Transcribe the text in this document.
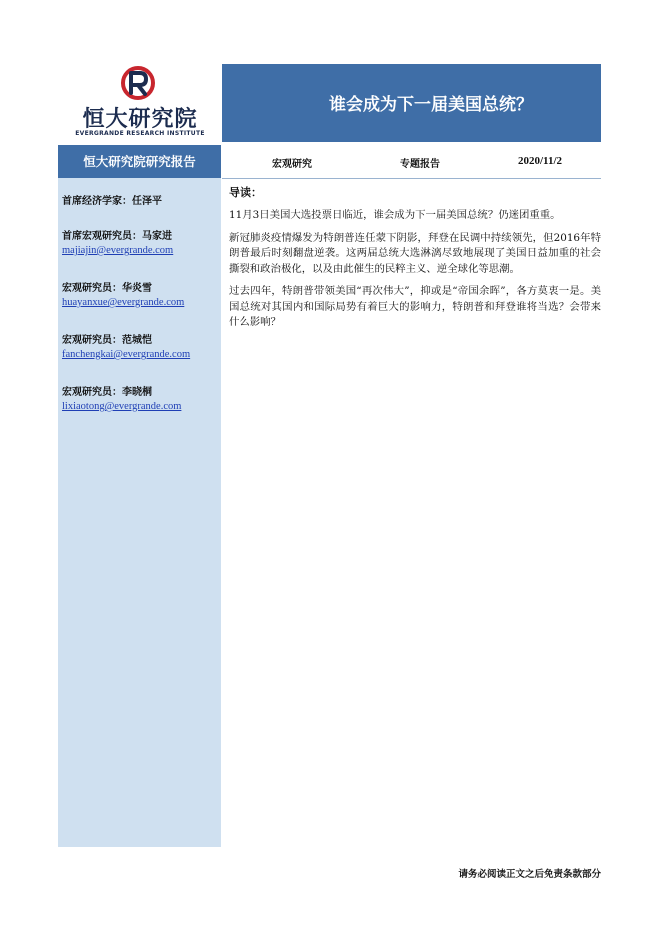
恒大研究院
EVERGRANDE RESEARCH INSTITUTE
谁会成为下一届美国总统？
恒大研究院研究报告
首席经济学家：任泽平
首席宏观研究员：马家进
majiajin@evergrande.com
宏观研究员：华炎雪
huayanxue@evergrande.com
宏观研究员：范城恺
fanchengkai@evergrande.com
宏观研究员：李晓桐
lixiaotong@evergrande.com
宏观研究	专题报告	2020/11/2
导读：

11月3日美国大选投票日临近，谁会成为下一届美国总统？仍迷团重重。

新冠肺炎疫情爆发为特朗普连任蒙下阴影，拜登在民调中持续领先，但2016年特朗普最后时刻翻盘逆袭。这两届总统大选淋漓尽致地展现了美国日益加重的社会撕裂和政治极化，以及由此催生的民粹主义、逆全球化等思潮。

过去四年，特朗普带领美国“再次伟大”，抑或是“帝国余晖”，各方莫衷一是。美国总统对其国内和国际局势有着巨大的影响力，特朗普和拜登谁将当选？会带来什么影响？

请务必阅读正文之后免责条款部分
